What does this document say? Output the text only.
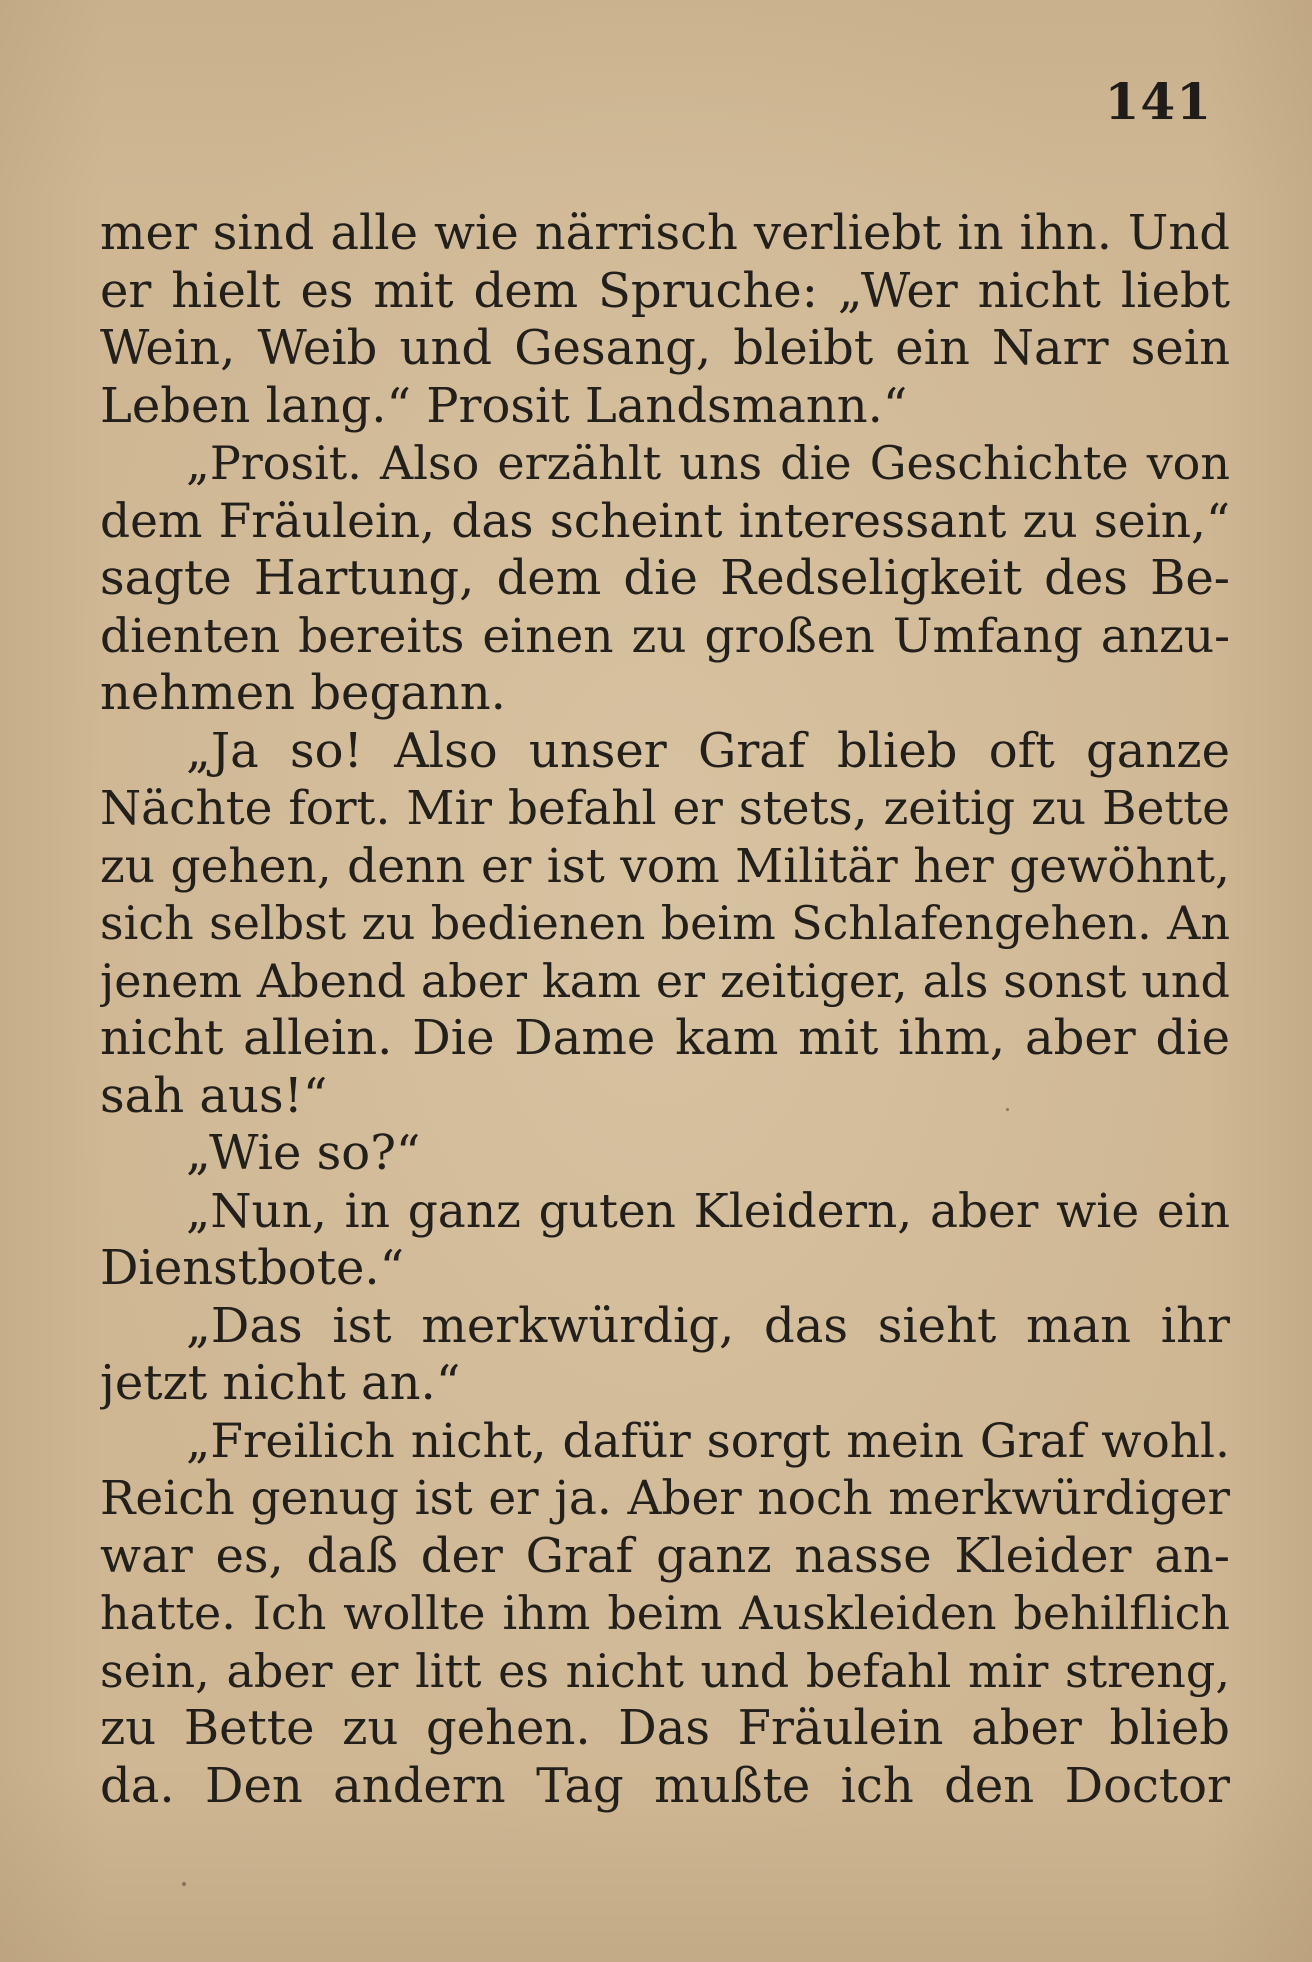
141
mer sind alle wie närrisch verliebt in ihn. Und
er hielt es mit dem Spruche: „Wer nicht liebt
Wein, Weib und Gesang, bleibt ein Narr sein
Leben lang.“ Prosit Landsmann.“
„Prosit. Also erzählt uns die Geschichte von
dem Fräulein, das scheint interessant zu sein,“
sagte Hartung, dem die Redseligkeit des Be-
dienten bereits einen zu großen Umfang anzu-
nehmen begann.
„Ja so! Also unser Graf blieb oft ganze
Nächte fort. Mir befahl er stets, zeitig zu Bette
zu gehen, denn er ist vom Militär her gewöhnt,
sich selbst zu bedienen beim Schlafengehen. An
jenem Abend aber kam er zeitiger, als sonst und
nicht allein. Die Dame kam mit ihm, aber die
sah aus!“
„Wie so?“
„Nun, in ganz guten Kleidern, aber wie ein
Dienstbote.“
„Das ist merkwürdig, das sieht man ihr
jetzt nicht an.“
„Freilich nicht, dafür sorgt mein Graf wohl.
Reich genug ist er ja. Aber noch merkwürdiger
war es, daß der Graf ganz nasse Kleider an-
hatte. Ich wollte ihm beim Auskleiden behilflich
sein, aber er litt es nicht und befahl mir streng,
zu Bette zu gehen. Das Fräulein aber blieb
da. Den andern Tag mußte ich den Doctor
